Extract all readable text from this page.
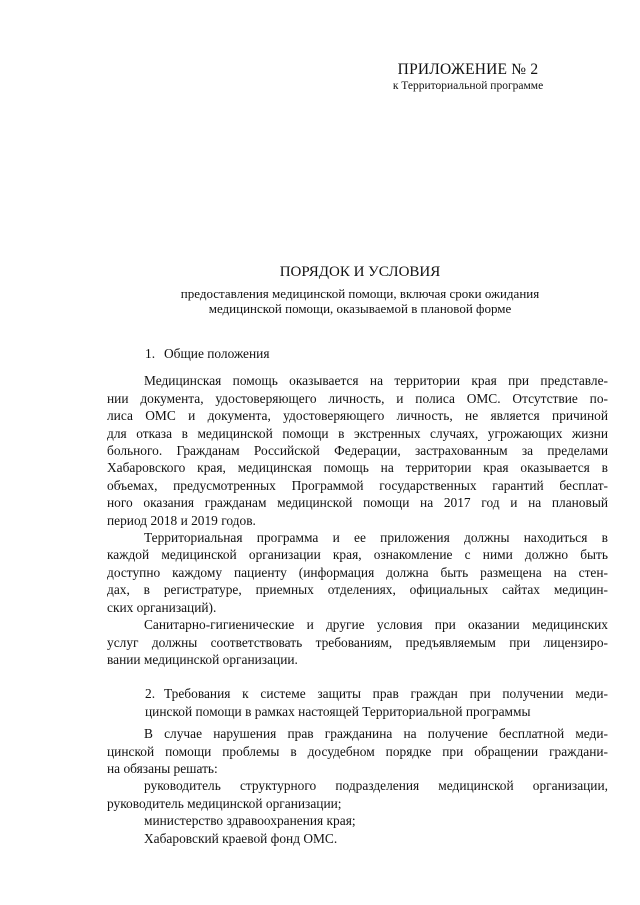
ПРИЛОЖЕНИЕ № 2
к Территориальной программе
ПОРЯДОК И УСЛОВИЯ
предоставления медицинской помощи, включая сроки ожидания
медицинской помощи, оказываемой в плановой форме
1. Общие положения
Медицинская помощь оказывается на территории края при представле-
нии документа, удостоверяющего личность, и полиса ОМС. Отсутствие по-
лиса ОМС и документа, удостоверяющего личность, не является причиной
для отказа в медицинской помощи в экстренных случаях, угрожающих жизни
больного. Гражданам Российской Федерации, застрахованным за пределами
Хабаровского края, медицинская помощь на территории края оказывается в
объемах, предусмотренных Программой государственных гарантий бесплат-
ного оказания гражданам медицинской помощи на 2017 год и на плановый
период 2018 и 2019 годов.
Территориальная программа и ее приложения должны находиться в
каждой медицинской организации края, ознакомление с ними должно быть
доступно каждому пациенту (информация должна быть размещена на стен-
дах, в регистратуре, приемных отделениях, официальных сайтах медицин-
ских организаций).
Санитарно-гигиенические и другие условия при оказании медицинских
услуг должны соответствовать требованиям, предъявляемым при лицензиро-
вании медицинской организации.
2. Требования к системе защиты прав граждан при получении меди-
цинской помощи в рамках настоящей Территориальной программы
В случае нарушения прав гражданина на получение бесплатной меди-
цинской помощи проблемы в досудебном порядке при обращении граждани-
на обязаны решать:
руководитель структурного подразделения медицинской организации,
руководитель медицинской организации;
министерство здравоохранения края;
Хабаровский краевой фонд ОМС.
